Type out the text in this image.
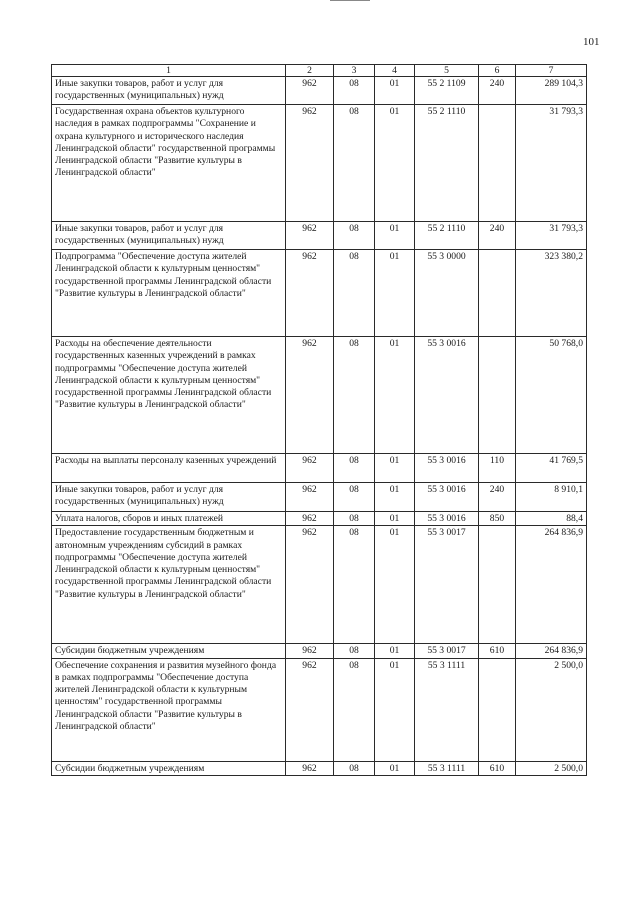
101
1	2	3	4	5	6	7
Иные закупки товаров, работ и услуг для государственных (муниципальных) нужд	962	08	01	55 2 1109	240	289 104,3
Государственная охрана объектов культурного наследия в рамках подпрограммы "Сохранение и охрана культурного и исторического наследия Ленинградской области" государственной программы Ленинградской области "Развитие культуры в Ленинградской области"	962	08	01	55 2 1110		31 793,3
Иные закупки товаров, работ и услуг для государственных (муниципальных) нужд	962	08	01	55 2 1110	240	31 793,3
Подпрограмма "Обеспечение доступа жителей Ленинградской области к культурным ценностям" государственной программы Ленинградской области "Развитие культуры в Ленинградской области"	962	08	01	55 3 0000		323 380,2
Расходы на обеспечение деятельности государственных казенных учреждений в рамках подпрограммы "Обеспечение доступа жителей Ленинградской области к культурным ценностям" государственной программы Ленинградской области "Развитие культуры в Ленинградской области"	962	08	01	55 3 0016		50 768,0
Расходы на выплаты персоналу казенных учреждений	962	08	01	55 3 0016	110	41 769,5
Иные закупки товаров, работ и услуг для государственных (муниципальных) нужд	962	08	01	55 3 0016	240	8 910,1
Уплата налогов, сборов и иных платежей	962	08	01	55 3 0016	850	88,4
Предоставление государственным бюджетным и автономным учреждениям субсидий в рамках подпрограммы "Обеспечение доступа жителей Ленинградской области к культурным ценностям" государственной программы Ленинградской области "Развитие культуры в Ленинградской области"	962	08	01	55 3 0017		264 836,9
Субсидии бюджетным учреждениям	962	08	01	55 3 0017	610	264 836,9
Обеспечение сохранения и развития музейного фонда в рамках подпрограммы "Обеспечение доступа жителей Ленинградской области к культурным ценностям" государственной программы Ленинградской области "Развитие культуры в Ленинградской области"	962	08	01	55 3 1111		2 500,0
Субсидии бюджетным учреждениям	962	08	01	55 3 1111	610	2 500,0
